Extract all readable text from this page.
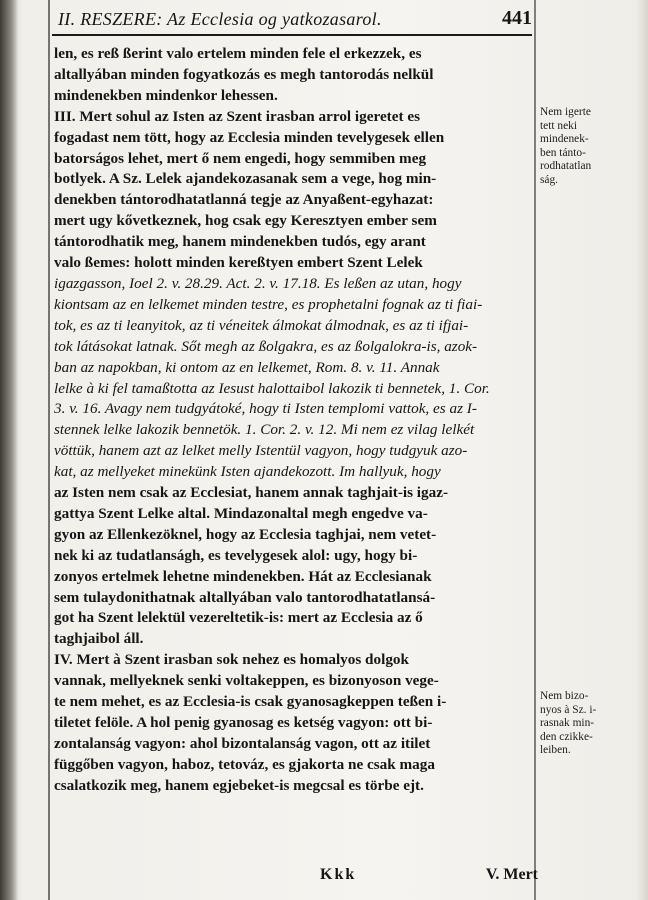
II. RESZERE: Az Ecclesia og yatkozasarol.	441
len, es reß ßerint valo ertelem minden fele el erkezzek, es
altallyában minden fogyatkozás es megh tantorodás nelkül
mindenekben mindenkor lehessen.
III. Mert sohul az Isten az Szent irasban arrol igeretet es
fogadast nem tött, hogy az Ecclesia minden tevelygesek ellen
batorságos lehet, mert ő nem engedi, hogy semmiben meg
botlyek. A Sz. Lelek ajandekozasanak sem a vege, hog min-
denekben tántorodhatatlanná tegje az Anyaßent-egyhazat:
mert ugy kővetkeznek, hog csak egy Keresztyen ember sem
tántorodhatik meg, hanem mindenekben tudós, egy arant
valo ßemes: holott minden kereßtyen embert Szent Lelek
igazgasson, Ioel 2. v. 28.29. Act. 2. v. 17.18. Es leßen az utan, hogy
kiontsam az en lelkemet minden testre, es prophetalni fognak az ti fiai-
tok, es az ti leanyitok, az ti véneitek álmokat álmodnak, es az ti ifjai-
tok látásokat latnak. Sőt megh az ßolgakra, es az ßolgalokra-is, azok-
ban az napokban, ki ontom az en lelkemet, Rom. 8. v. 11. Annak
lelke à ki fel tamaßtotta az Iesust halottaibol lakozik ti bennetek, 1. Cor.
3. v. 16. Avagy nem tudgyátoké, hogy ti Isten templomi vattok, es az I-
stennek lelke lakozik bennetök. 1. Cor. 2. v. 12. Mi nem ez vilag lelkét
vöttük, hanem azt az lelket melly Istentül vagyon, hogy tudgyuk azo-
kat, az mellyeket minekünk Isten ajandekozott. Im hallyuk, hogy
az Isten nem csak az Ecclesiat, hanem annak taghjait-is igaz-
gattya Szent Lelke altal. Mindazonaltal megh engedve va-
gyon az Ellenkezöknel, hogy az Ecclesia taghjai, nem vetet-
nek ki az tudatlanságh, es tevelygesek alol: ugy, hogy bi-
zonyos ertelmek lehetne mindenekben. Hát az Ecclesianak
sem tulaydonithatnak altallyában valo tantorodhatatlansá-
got ha Szent lelektül vezereltetik-is: mert az Ecclesia az ő
taghjaibol áll.
IV. Mert à Szent irasban sok nehez es homalyos dolgok
vannak, mellyeknek senki voltakeppen, es bizonyoson vege-
te nem mehet, es az Ecclesia-is csak gyanosagkeppen teßen i-
tiletet felöle. A hol penig gyanosag es ketség vagyon: ott bi-
zontalanság vagyon: ahol bizontalanság vagon, ott az itilet
függőben vagyon, haboz, tetováz, es gjakorta ne csak maga
csalatkozik meg, hanem egjebeket-is megcsal es törbe ejt.
Nem igerte
tett neki
mindenek-
ben tánto-
rodhatatlan
ság.
Nem bizo-
nyos à Sz. i-
rasnak min-
den czikke-
leiben.
Kkk	V. Mert
